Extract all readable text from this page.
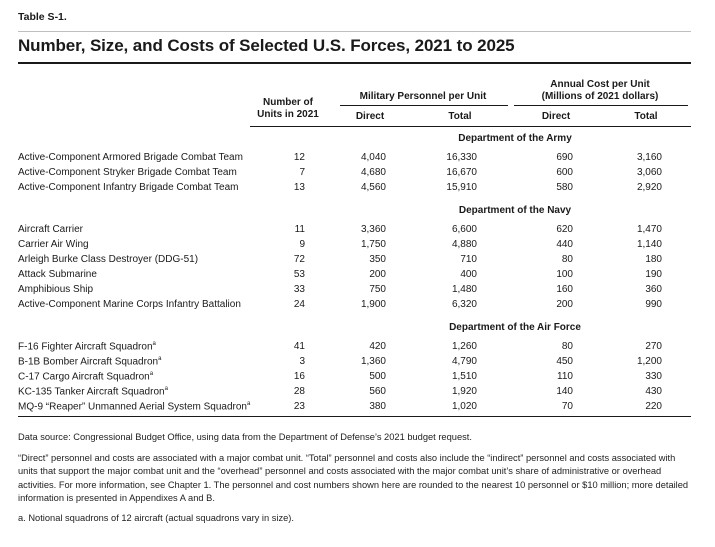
Table S-1.
Number, Size, and Costs of Selected U.S. Forces, 2021 to 2025
Number of
Units in 2021
Military Personnel per Unit
Annual Cost per Unit
(Millions of 2021 dollars)
Direct	Total	Direct	Total
Department of the Army
Active-Component Armored Brigade Combat Team	12	4,040	16,330	690	3,160
Active-Component Stryker Brigade Combat Team	7	4,680	16,670	600	3,060
Active-Component Infantry Brigade Combat Team	13	4,560	15,910	580	2,920
Department of the Navy
Aircraft Carrier	11	3,360	6,600	620	1,470
Carrier Air Wing	9	1,750	4,880	440	1,140
Arleigh Burke Class Destroyer (DDG-51)	72	350	710	80	180
Attack Submarine	53	200	400	100	190
Amphibious Ship	33	750	1,480	160	360
Active-Component Marine Corps Infantry Battalion	24	1,900	6,320	200	990
Department of the Air Force
F-16 Fighter Aircraft Squadron$^a$	41	420	1,260	80	270
B-1B Bomber Aircraft Squadron$^a$	3	1,360	4,790	450	1,200
C-17 Cargo Aircraft Squadron$^a$	16	500	1,510	110	330
KC-135 Tanker Aircraft Squadron$^a$	28	560	1,920	140	430
MQ-9 “Reaper” Unmanned Aerial System Squadron$^a$	23	380	1,020	70	220
Data source: Congressional Budget Office, using data from the Department of Defense’s 2021 budget request.
“Direct” personnel and costs are associated with a major combat unit. “Total” personnel and costs also include the “indirect” personnel and costs associated with units that support the major combat unit and the “overhead” personnel and costs associated with the major combat unit’s share of administrative or overhead activities. For more information, see Chapter 1. The personnel and cost numbers shown here are rounded to the nearest 10 personnel or $10 million; more detailed information is presented in Appendixes A and B.
a. Notional squadrons of 12 aircraft (actual squadrons vary in size).
